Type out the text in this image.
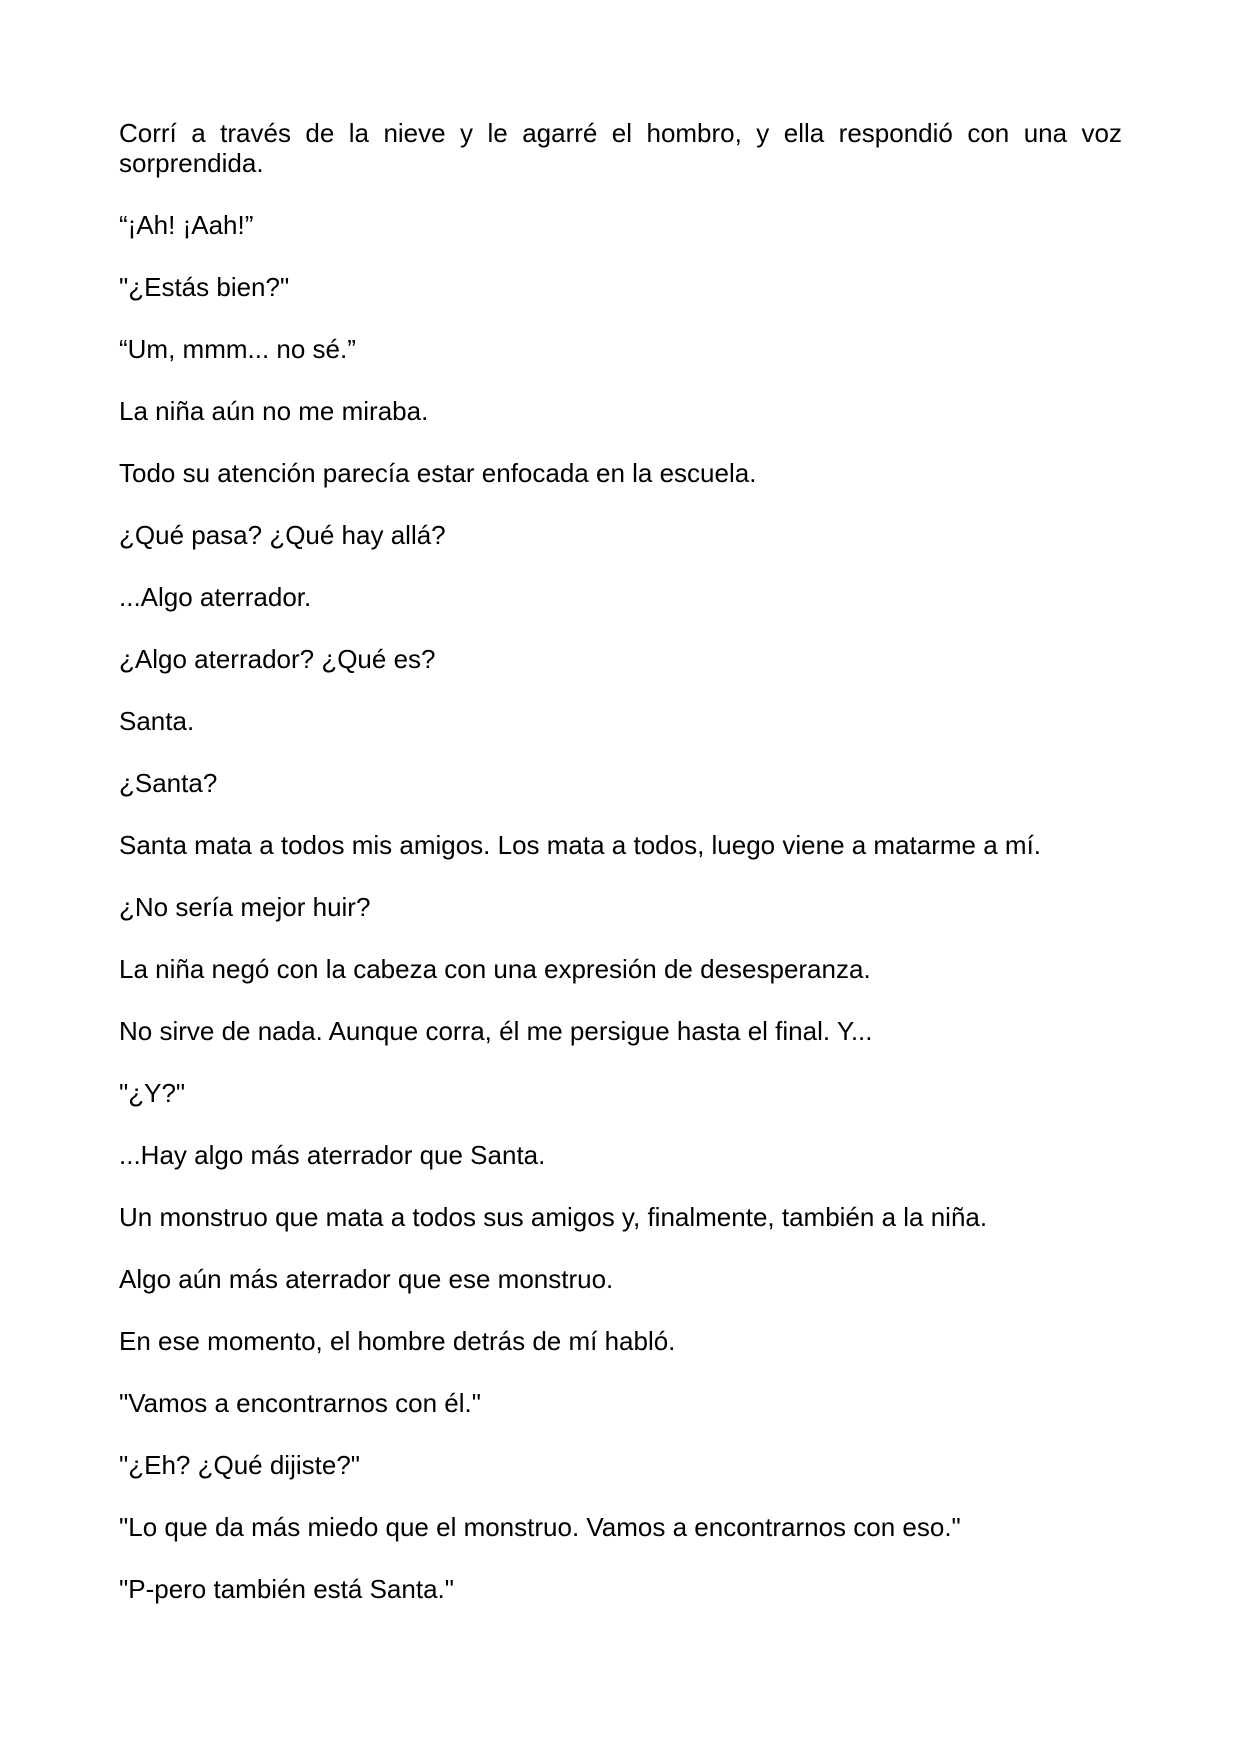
Corrí a través de la nieve y le agarré el hombro, y ella respondió con una voz sorprendida.

“¡Ah! ¡Aah!”

"¿Estás bien?"

“Um, mmm... no sé.”

La niña aún no me miraba.

Todo su atención parecía estar enfocada en la escuela.

¿Qué pasa? ¿Qué hay allá?

...Algo aterrador.

¿Algo aterrador? ¿Qué es?

Santa.

¿Santa?

Santa mata a todos mis amigos. Los mata a todos, luego viene a matarme a mí.

¿No sería mejor huir?

La niña negó con la cabeza con una expresión de desesperanza.

No sirve de nada. Aunque corra, él me persigue hasta el final. Y...

"¿Y?"

...Hay algo más aterrador que Santa.

Un monstruo que mata a todos sus amigos y, finalmente, también a la niña.

Algo aún más aterrador que ese monstruo.

En ese momento, el hombre detrás de mí habló.

"Vamos a encontrarnos con él."

"¿Eh? ¿Qué dijiste?"

"Lo que da más miedo que el monstruo. Vamos a encontrarnos con eso."

"P-pero también está Santa."
